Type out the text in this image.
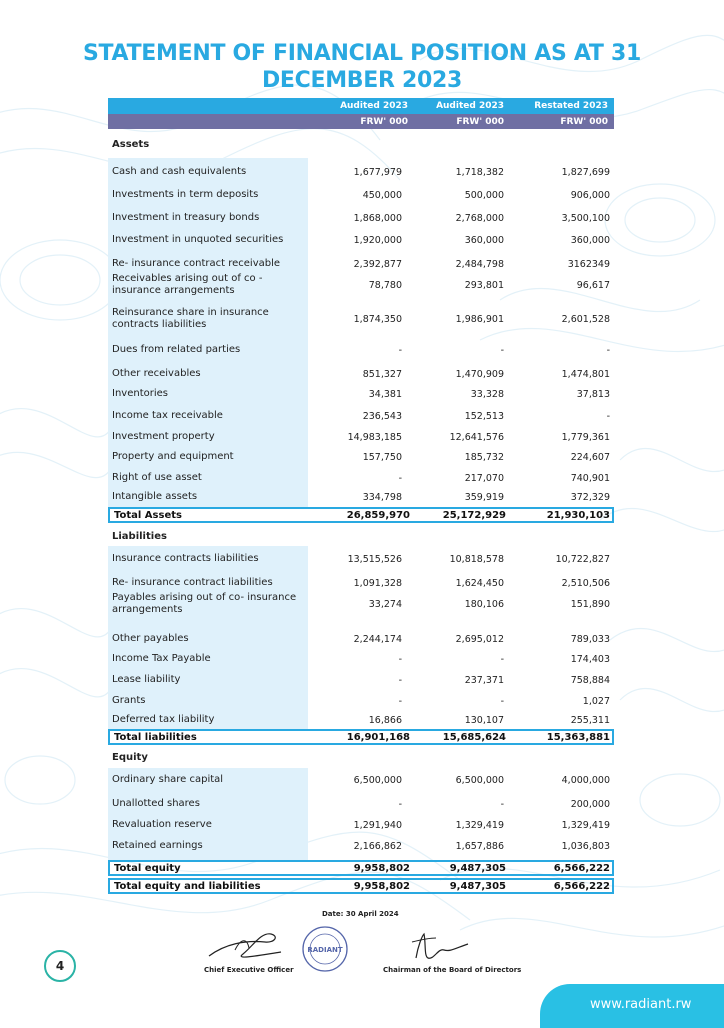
STATEMENT OF FINANCIAL POSITION AS AT 31 DECEMBER 2023
Audited 2023	Audited 2023	Restated 2023
FRW' 000	FRW' 000	FRW' 000
Assets
Liabilities
Equity
Cash and cash equivalents	1,677,979	1,718,382	1,827,699
Investments in term deposits	450,000	500,000	906,000
Investment in treasury bonds	1,868,000	2,768,000	3,500,100
Investment in unquoted securities	1,920,000	360,000	360,000
Re- insurance contract receivable	2,392,877	2,484,798	3162349
Receivables arising out of co - insurance arrangements	78,780	293,801	96,617
Reinsurance share in insurance contracts liabilities	1,874,350	1,986,901	2,601,528
Dues from related parties	-	-	-
Other receivables	851,327	1,470,909	1,474,801
Inventories	34,381	33,328	37,813
Income tax receivable	236,543	152,513	-
Investment property	14,983,185	12,641,576	1,779,361
Property and equipment	157,750	185,732	224,607
Right of use asset	-	217,070	740,901
Intangible assets	334,798	359,919	372,329
Insurance contracts liabilities	13,515,526	10,818,578	10,722,827
Re- insurance contract liabilities	1,091,328	1,624,450	2,510,506
Payables arising out of co- insurance arrangements	33,274	180,106	151,890
Other payables	2,244,174	2,695,012	789,033
Income Tax Payable	-	-	174,403
Lease liability	-	237,371	758,884
Grants	-	-	1,027
Deferred tax liability	16,866	130,107	255,311
Ordinary share capital	6,500,000	6,500,000	4,000,000
Unallotted shares	-	-	200,000
Revaluation reserve	1,291,940	1,329,419	1,329,419
Retained earnings	2,166,862	1,657,886	1,036,803
Total Assets	26,859,970	25,172,929	21,930,103
Total liabilities	16,901,168	15,685,624	15,363,881
Total equity	9,958,802	9,487,305	6,566,222
Total equity and liabilities	9,958,802	9,487,305	6,566,222
Date: 30 April 2024
RADIANT
Chief Executive Officer	Chairman of the Board of Directors
4
www.radiant.rw
